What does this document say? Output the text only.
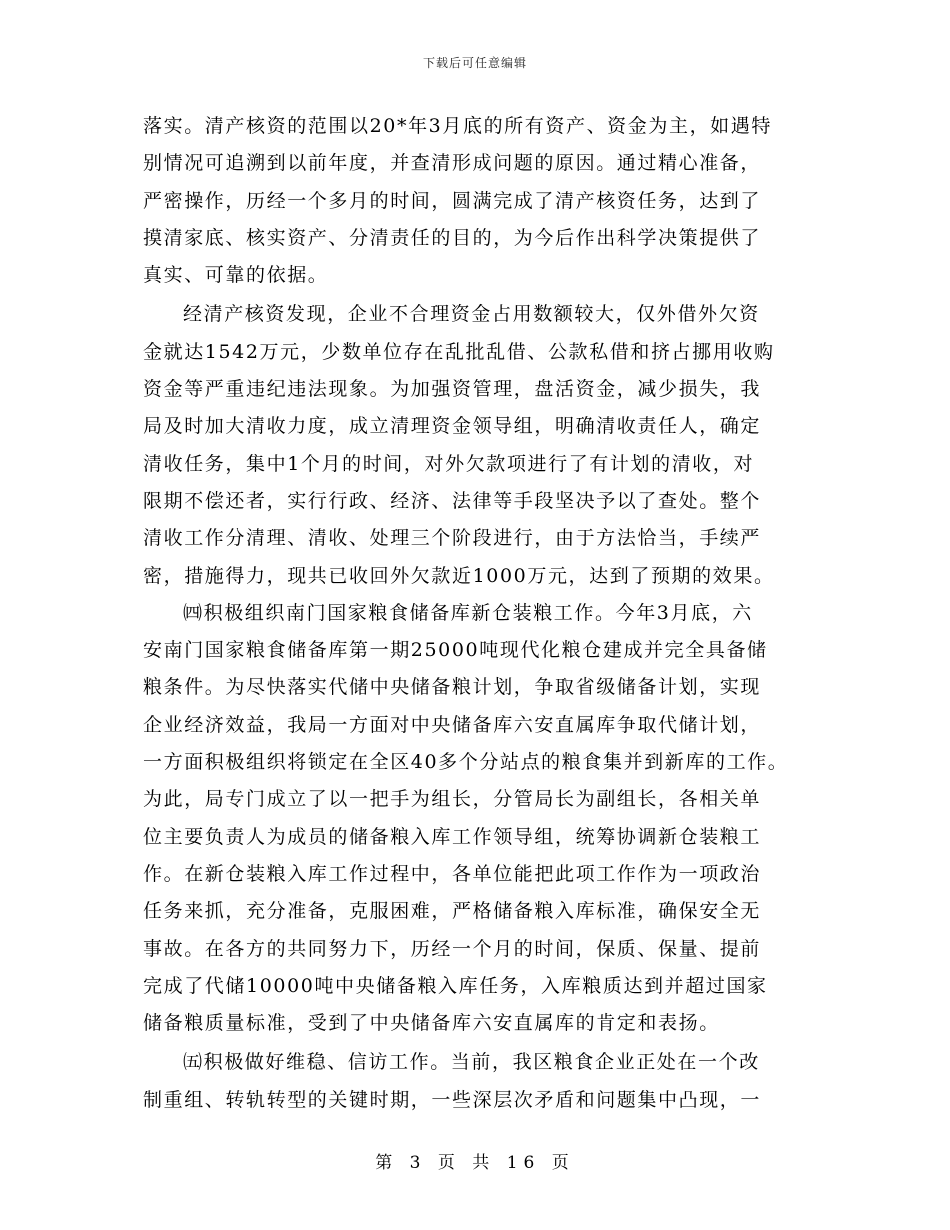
下载后可任意编辑
落实。清产核资的范围以20*年3月底的所有资产、资金为主，如遇特
别情况可追溯到以前年度，并查清形成问题的原因。通过精心准备，
严密操作，历经一个多月的时间，圆满完成了清产核资任务，达到了
摸清家底、核实资产、分清责任的目的，为今后作出科学决策提供了
真实、可靠的依据。
经清产核资发现，企业不合理资金占用数额较大，仅外借外欠资
金就达1542万元，少数单位存在乱批乱借、公款私借和挤占挪用收购
资金等严重违纪违法现象。为加强资管理，盘活资金，减少损失，我
局及时加大清收力度，成立清理资金领导组，明确清收责任人，确定
清收任务，集中1个月的时间，对外欠款项进行了有计划的清收，对
限期不偿还者，实行行政、经济、法律等手段坚决予以了查处。整个
清收工作分清理、清收、处理三个阶段进行，由于方法恰当，手续严
密，措施得力，现共已收回外欠款近1000万元，达到了预期的效果。
㈣积极组织南门国家粮食储备库新仓装粮工作。今年3月底，六
安南门国家粮食储备库第一期25000吨现代化粮仓建成并完全具备储
粮条件。为尽快落实代储中央储备粮计划，争取省级储备计划，实现
企业经济效益，我局一方面对中央储备库六安直属库争取代储计划，
一方面积极组织将锁定在全区40多个分站点的粮食集并到新库的工作。
为此，局专门成立了以一把手为组长，分管局长为副组长，各相关单
位主要负责人为成员的储备粮入库工作领导组，统筹协调新仓装粮工
作。在新仓装粮入库工作过程中，各单位能把此项工作作为一项政治
任务来抓，充分准备，克服困难，严格储备粮入库标准，确保安全无
事故。在各方的共同努力下，历经一个月的时间，保质、保量、提前
完成了代储10000吨中央储备粮入库任务，入库粮质达到并超过国家
储备粮质量标准，受到了中央储备库六安直属库的肯定和表扬。
㈤积极做好维稳、信访工作。当前，我区粮食企业正处在一个改
制重组、转轨转型的关键时期，一些深层次矛盾和问题集中凸现，一
第 3 页 共 16 页
